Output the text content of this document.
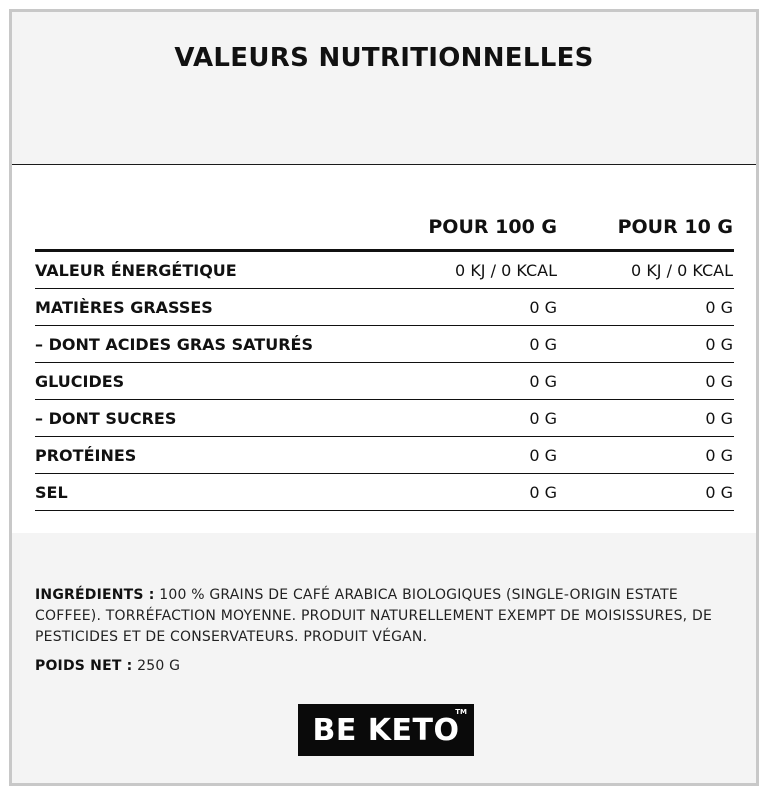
VALEURS NUTRITIONNELLES
	POUR 100 G	POUR 10 G
VALEUR ÉNERGÉTIQUE	0 KJ / 0 KCAL	0 KJ / 0 KCAL
MATIÈRES GRASSES	0 G	0 G
– DONT ACIDES GRAS SATURÉS	0 G	0 G
GLUCIDES	0 G	0 G
– DONT SUCRES	0 G	0 G
PROTÉINES	0 G	0 G
SEL	0 G	0 G
INGRÉDIENTS : 100 % GRAINS DE CAFÉ ARABICA BIOLOGIQUES (SINGLE-ORIGIN ESTATE COFFEE). TORRÉFACTION MOYENNE. PRODUIT NATURELLEMENT EXEMPT DE MOISISSURES, DE PESTICIDES ET DE CONSERVATEURS. PRODUIT VÉGAN.
POIDS NET : 250 G
BE KETO
TM
